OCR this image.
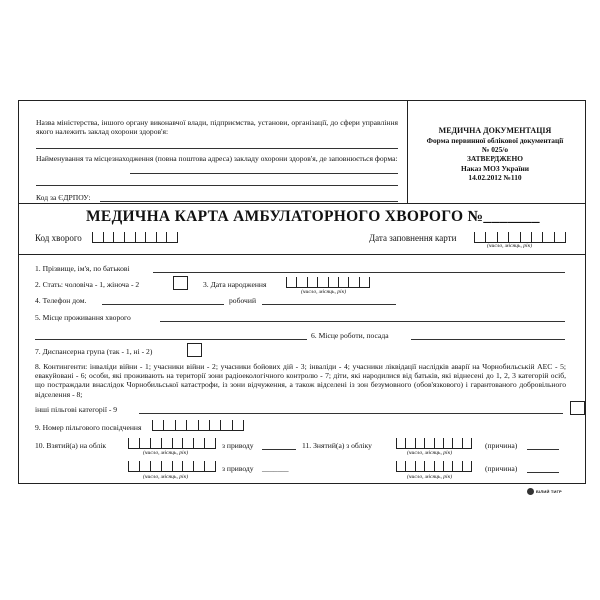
Назва міністерства, іншого органу виконавчої влади, підприємства, установи, організації, до сфери управління якого належить заклад охорони здоров'я:
Найменування та місцезнаходження (повна поштова адреса) закладу охорони здоров'я, де заповнюється форма:
Код за ЄДРПОУ:
МЕДИЧНА ДОКУМЕНТАЦІЯ
Форма первинної облікової документації
№ 025/о
ЗАТВЕРДЖЕНО
Наказ МОЗ України
14.02.2012 №110
МЕДИЧНА КАРТА АМБУЛАТОРНОГО ХВОРОГО №_______
Код хворого	Дата заповнення карти
(число, місяць, рік)
1. Прізвище, ім'я, по батькові
2. Стать: чоловіча - 1, жіноча - 2	3. Дата народження
(число, місяць, рік)
4. Телефон дом.	робочий
5. Місце проживання хворого
6. Місце роботи, посада
7. Диспансерна група (так - 1, ні - 2)
8. Контингенти: інваліди війни - 1; учасники війни - 2; учасники бойових дій - 3; інваліди - 4; учасники ліквідації наслідків аварії на Чорнобильській АЕС - 5; евакуйовані - 6; особи, які проживають на території зони радіоекологічного контролю - 7; діти, які народилися від батьків, які віднесені до 1, 2, 3 категорій осіб, що постраждали внаслідок Чорнобильської катастрофи, із зони відчуження, а також відселені із зон безумовного (обов'язкового) і гарантованого добровільного відселення - 8;
інші пільгові категорії - 9
9. Номер пільгового посвідчення
10. Взятий(а) на облік
(число, місяць, рік)
з приводу	11. Знятий(а) з обліку
(число, місяць, рік)
(причина)
(число, місяць, рік)
з приводу _______
(число, місяць, рік)
(причина)
БІЛИЙ ТИГР
